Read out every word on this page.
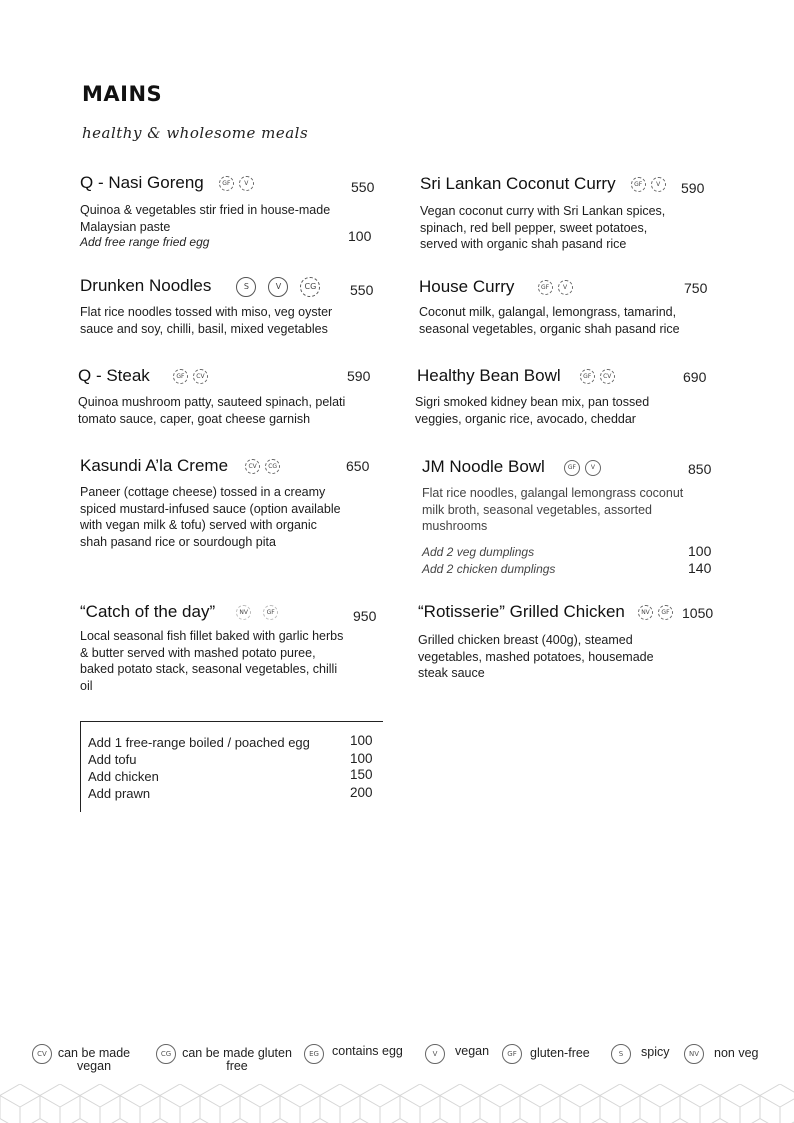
MAINS
healthy & wholesome meals
Q - Nasi Goreng	GF	V	550
Quinoa & vegetables stir fried in house-made Malaysian paste
Add free range fried egg	100
Sri Lankan Coconut Curry	GF	V	590
Vegan coconut curry with Sri Lankan spices, spinach, red bell pepper, sweet potatoes, served with organic shah pasand rice
Drunken Noodles	S	V	CG 550
Flat rice noodles tossed with miso, veg oyster sauce and soy, chilli, basil, mixed vegetables
House Curry	GF	V	750
Coconut milk, galangal, lemongrass, tamarind, seasonal vegetables, organic shah pasand rice
Q - Steak	GF	CV	590
Quinoa mushroom patty, sauteed spinach, pelati tomato sauce, caper, goat cheese garnish
Healthy Bean Bowl	GF	CV	690
Sigri smoked kidney bean mix, pan tossed veggies, organic rice, avocado, cheddar
Kasundi A’la Creme	CV	CG	650
Paneer (cottage cheese) tossed in a creamy spiced mustard-infused sauce (option available with vegan milk & tofu) served with organic shah pasand rice or sourdough pita
JM Noodle Bowl	GF	V	850
Flat rice noodles, galangal lemongrass coconut milk broth, seasonal vegetables, assorted mushrooms
Add 2 veg dumplings	100
Add 2 chicken dumplings	140
“Catch of the day”	NV	GF	950
Local seasonal fish fillet baked with garlic herbs & butter served with mashed potato puree, baked potato stack, seasonal vegetables, chilli oil
“Rotisserie” Grilled Chicken	NV	GF 1050
Grilled chicken breast (400g), steamed vegetables, mashed potatoes, housemade steak sauce
Add 1 free-range boiled / poached egg	100
Add tofu	100
Add chicken	150
Add prawn	200
CV can be made vegan
CG can be made gluten free
EG	contains egg	V	vegan	GF	gluten-free	S	spicy	NV	non veg
